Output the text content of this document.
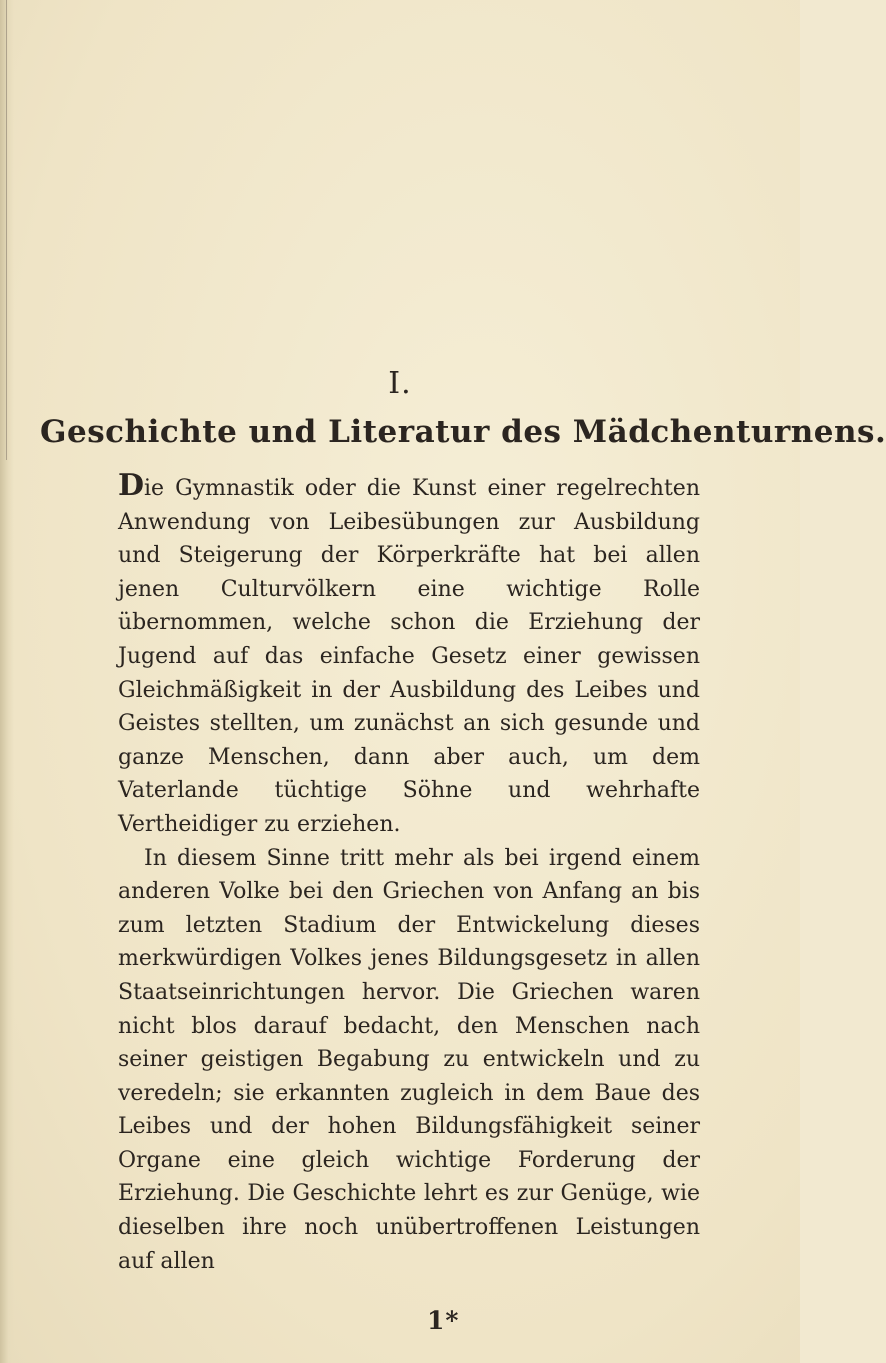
I.
Geschichte und Literatur des Mädchenturnens.

Die Gymnastik oder die Kunst einer regelrechten Anwendung von Leibesübungen zur Ausbildung und Steigerung der Körperkräfte hat bei allen jenen Culturvölkern eine wichtige Rolle übernommen, welche schon die Erziehung der Jugend auf das einfache Gesetz einer gewissen Gleichmäßigkeit in der Ausbildung des Leibes und Geistes stellten, um zunächst an sich gesunde und ganze Menschen, dann aber auch, um dem Vaterlande tüchtige Söhne und wehrhafte Vertheidiger zu erziehen.

In diesem Sinne tritt mehr als bei irgend einem anderen Volke bei den Griechen von Anfang an bis zum letzten Stadium der Entwickelung dieses merkwürdigen Volkes jenes Bildungsgesetz in allen Staatseinrichtungen hervor. Die Griechen waren nicht blos darauf bedacht, den Menschen nach seiner geistigen Begabung zu entwickeln und zu veredeln; sie erkannten zugleich in dem Baue des Leibes und der hohen Bildungsfähigkeit seiner Organe eine gleich wichtige Forderung der Erziehung. Die Geschichte lehrt es zur Genüge, wie dieselben ihre noch unübertroffenen Leistungen auf allen

1*
